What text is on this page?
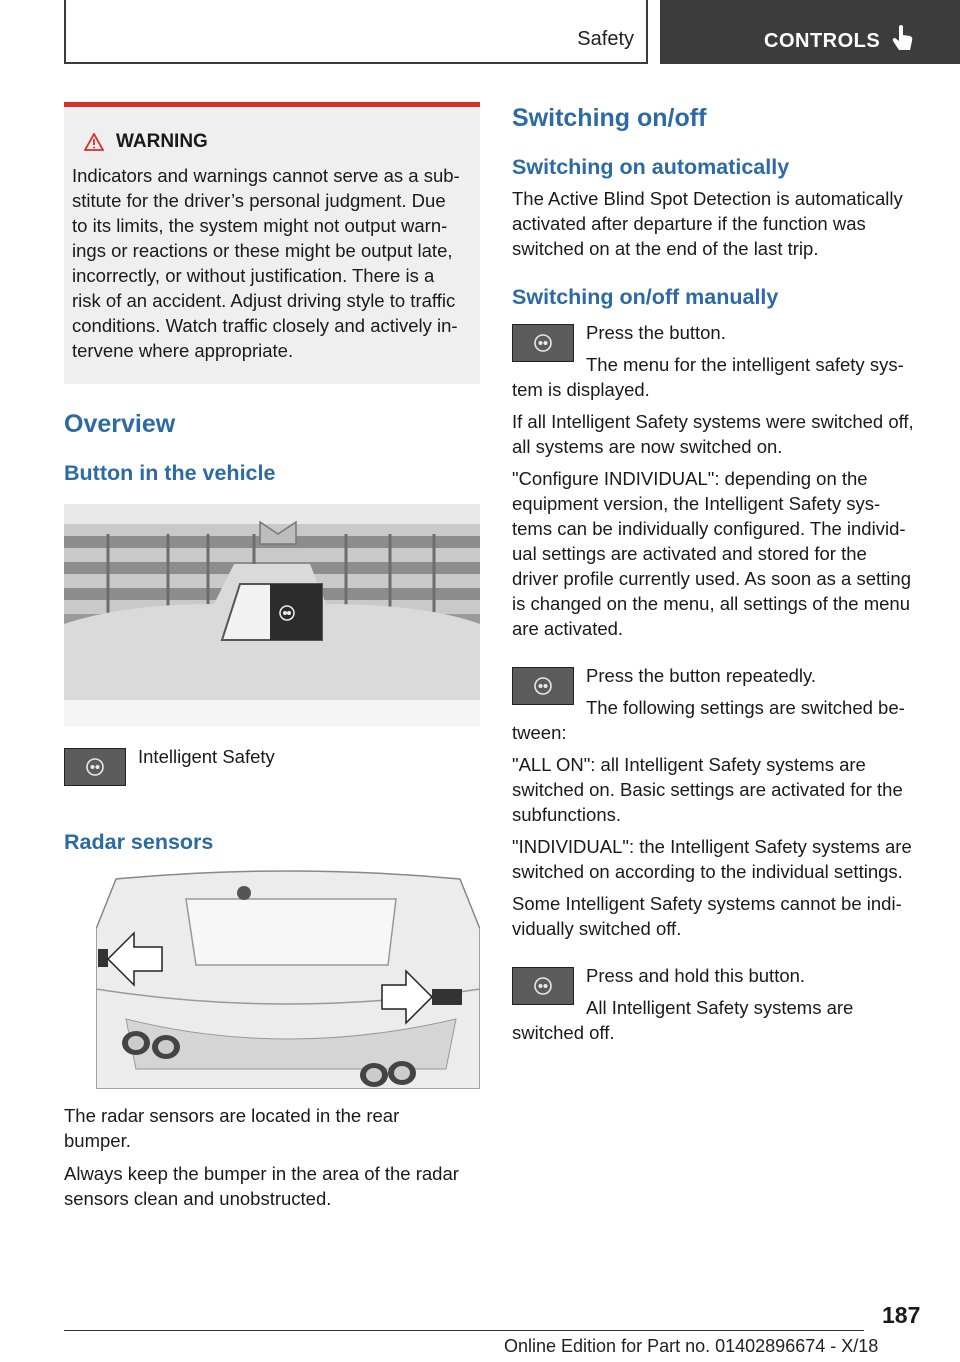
Safety	CONTROLS
WARNING
Indicators and warnings cannot serve as a sub-
stitute for the driver’s personal judgment. Due
to its limits, the system might not output warn-
ings or reactions or these might be output late,
incorrectly, or without justification. There is a
risk of an accident. Adjust driving style to traffic
conditions. Watch traffic closely and actively in-
tervene where appropriate.
Overview
Button in the vehicle
Intelligent Safety
Radar sensors
The radar sensors are located in the rear
bumper.
Always keep the bumper in the area of the radar
sensors clean and unobstructed.
Switching on/off
Switching on automatically
The Active Blind Spot Detection is automatically
activated after departure if the function was
switched on at the end of the last trip.
Switching on/off manually
Press the button.
The menu for the intelligent safety sys-
tem is displayed.
If all Intelligent Safety systems were switched off,
all systems are now switched on.
"Configure INDIVIDUAL": depending on the
equipment version, the Intelligent Safety sys-
tems can be individually configured. The individ-
ual settings are activated and stored for the
driver profile currently used. As soon as a setting
is changed on the menu, all settings of the menu
are activated.
Press the button repeatedly.
The following settings are switched be-
tween:
"ALL ON": all Intelligent Safety systems are
switched on. Basic settings are activated for the
subfunctions.
"INDIVIDUAL": the Intelligent Safety systems are
switched on according to the individual settings.
Some Intelligent Safety systems cannot be indi-
vidually switched off.
Press and hold this button.
All Intelligent Safety systems are
switched off.
187
Online Edition for Part no. 01402896674 - X/18
